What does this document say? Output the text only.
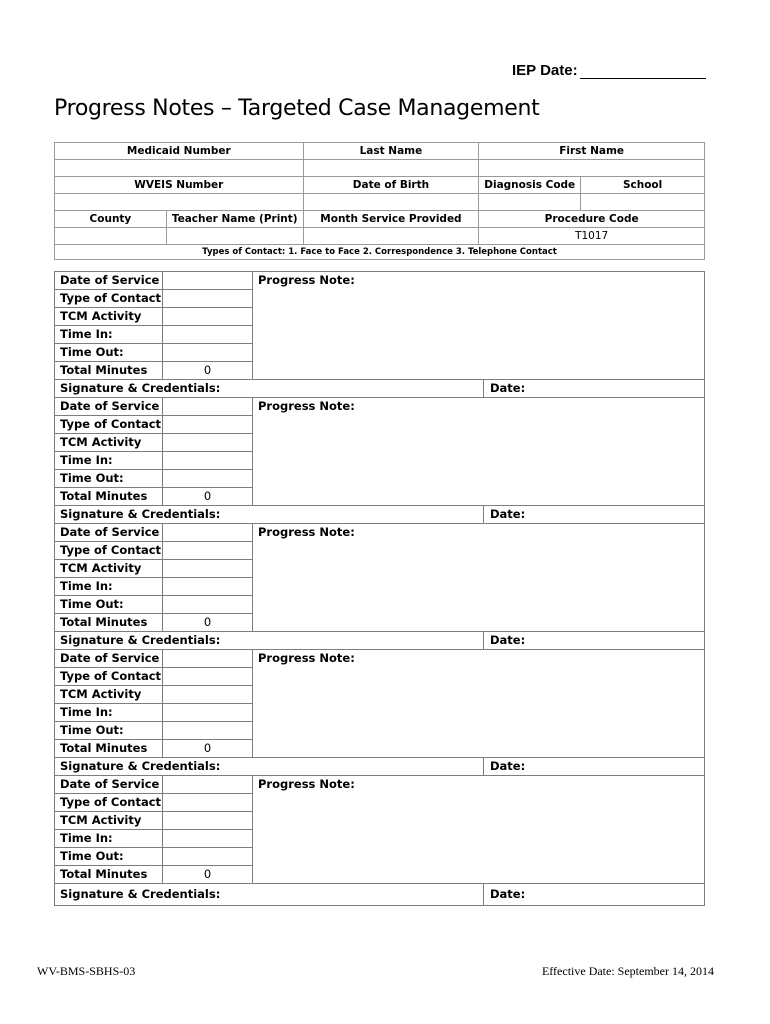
IEP Date:
Progress Notes – Targeted Case Management
Medicaid Number		Last Name	First Name	

WVEIS Number		Date of Birth	Diagnosis Code	School

County	Teacher Name (Print)	Month Service Provided	Procedure Code	
			T1017	
Types of Contact: 1. Face to Face 2. Correspondence 3. Telephone Contact				
Date of Service		Progress Note:	
Type of Contact			
TCM Activity			
Time In:			
Time Out:			
Total Minutes	0		
Signature & Credentials:			Date:
Date of Service		Progress Note:	
Type of Contact			
TCM Activity			
Time In:			
Time Out:			
Total Minutes	0		
Signature & Credentials:			Date:
Date of Service		Progress Note:	
Type of Contact			
TCM Activity			
Time In:			
Time Out:			
Total Minutes	0		
Signature & Credentials:			Date:
Date of Service		Progress Note:	
Type of Contact			
TCM Activity			
Time In:			
Time Out:			
Total Minutes	0		
Signature & Credentials:			Date:
Date of Service		Progress Note:	
Type of Contact			
TCM Activity			
Time In:			
Time Out:			
Total Minutes	0		
Signature & Credentials:			Date:
WV-BMS-SBHS-03	Effective Date: September 14, 2014
